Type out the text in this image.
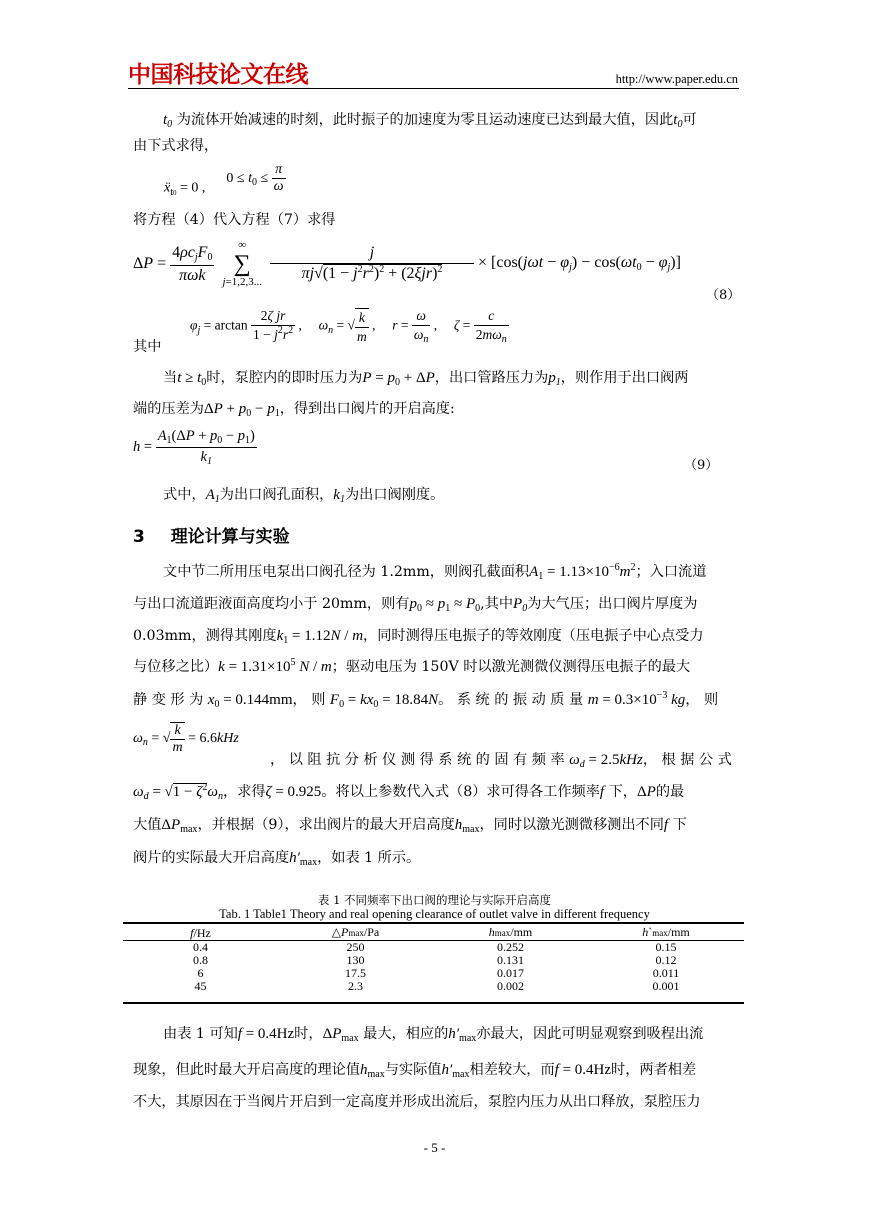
中国科技论文在线	http://www.paper.edu.cn
$t_0$ 为流体开始减速的时刻，此时振子的加速度为零且运动速度已达到最大值，因此$t_0$可
由下式求得，
$ẍ_{t0} = 0$ ,  $0 \le t_0 \le \frac{\pi}{\omega}$
将方程（4）代入方程（7）求得
$\Delta P = \frac{\text{4ρcjF0}}{\text{πωk}}$ ∞
∑
j=1,2,3... $\frac{j}{\pi j√(1 - j^2r^2)^2 + (2\xi jr)^2} \times [\cos(j\omega t - \varphi j) - \cos(\omega t0 - \varphi j)]$
（8）
$\varphi_j = \arctan \frac{\text{2ζ jr}}{1 - j^2r^2}$ ,  $\omega_n$ = √ $\frac{k}{m}$ ,  $r = \frac{\omega}{\omega_n}$ ,  $\zeta = \frac{c}{2m\omega_n}$
其中
当$t \ge t_0$时，泵腔内的即时压力为$P = p_0 + \Delta P$，出口管路压力为$p_1$，则作用于出口阀两
端的压差为$\Delta P + p_0 - p_1$，得到出口阀片的开启高度:
$h = \frac{A_1(\Delta P + p_0 - p_1)}{k_1}$	（9）
式中，$A_1$为出口阀孔面积，$k_1$为出口阀刚度。
3 理论计算与实验
文中节二所用压电泵出口阀孔径为 1.2mm，则阀孔截面积$A_1 = 1.13\times 10^{-6}m^2$；入口流道
与出口流道距液面高度均小于 20mm，则有$p_0 \approx p_1 \approx P_0$,其中$P_0$为大气压；出口阀片厚度为
0.03mm，测得其刚度$k_1 = 1.12N / m$，同时测得压电振子的等效刚度（压电振子中心点受力
与位移之比）$k = 1.31\times 10^5$ N / m；驱动电压为 150V 时以激光测微仪测得压电振子的最大
静 变 形 为 $x_0 = 0.144mm$， 则 $F_0 = kx_0 = 18.84N$。 系 统 的 振 动 质 量 $m = 0.3\times 10^{-3}$ kg， 则
$\omega_n$ = √ $\frac{k}{m} = 6.6kHz$
， 以 阻 抗 分 析 仪 测 得 系 统 的 固 有 频 率 $\omega_d = 2.5kHz$， 根 据 公 式
$\omega_d = √1 - \zeta^2\omega_n$，求得ζ = 0.925。将以上参数代入式（8）求可得各工作频率f 下，ΔP的最
大值$\Delta P_{max}$，并根据（9），求出阀片的最大开启高度$h_{max}$，同时以激光测微移测出不同f 下
阀片的实际最大开启高度$h'_{max}$，如表 1 所示。
表 1 不同频率下出口阀的理论与实际开启高度
Tab. 1 Table1 Theory and real opening clearance of outlet valve in different frequency
f/Hz	△Pmax/Pa	hmax/mm	h`max/mm
0.4	250	0.252	0.15
0.8	130	0.131	0.12
6	17.5	0.017	0.011
45	2.3	0.002	0.001
由表 1 可知f = 0.4Hz时，$\Delta P_{max}$ 最大，相应的$h'_{max}$亦最大，因此可明显观察到吸程出流
现象，但此时最大开启高度的理论值$h_{max}$与实际值$h'_{max}$相差较大，而f = 0.4Hz时，两者相差
不大，其原因在于当阀片开启到一定高度并形成出流后，泵腔内压力从出口释放，泵腔压力
- 5 -
